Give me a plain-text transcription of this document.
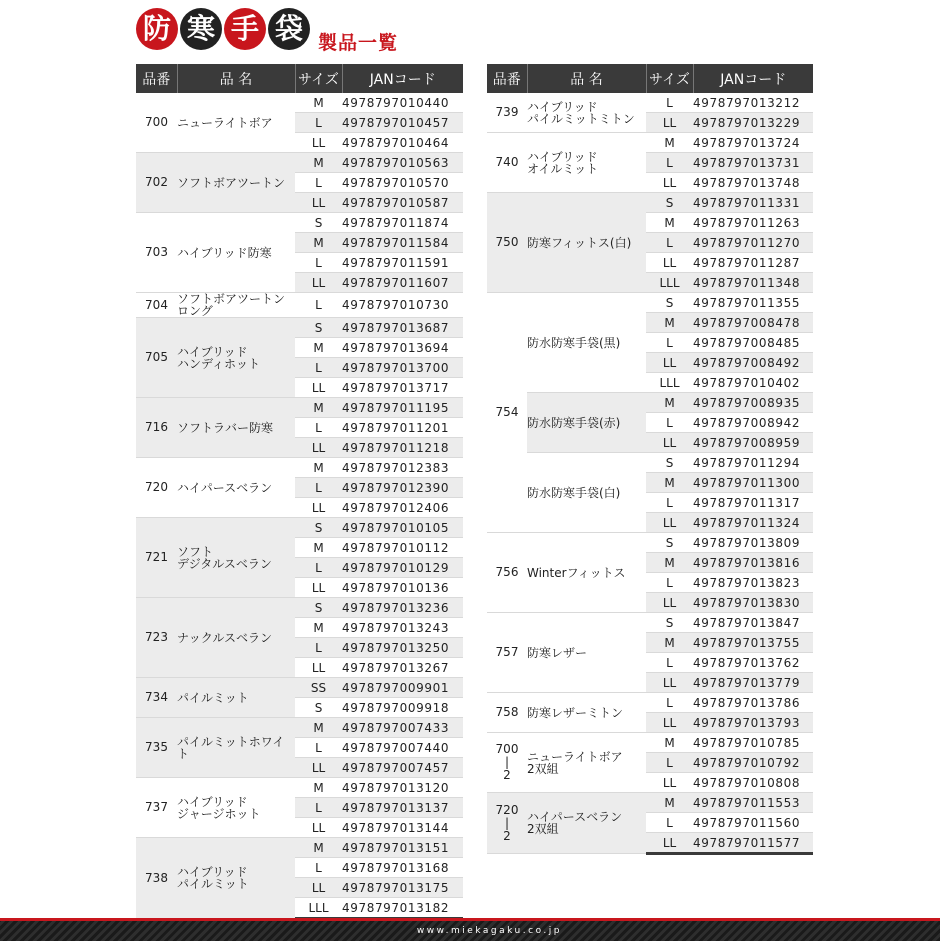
防 寒 手 袋 製品一覧
品番	品 名	サイズ	JANコード
700	ニューライトボア	M	4978797010440
		L	4978797010457
		LL	4978797010464
702	ソフトボアツートン	M	4978797010563
		L	4978797010570
		LL	4978797010587
703	ハイブリッド防寒	S	4978797011874
		M	4978797011584
		L	4978797011591
		LL	4978797011607
704	ソフトボアツートンロング	L	4978797010730
705	ハイブリッド
ハンディホット	S	4978797013687
		M	4978797013694
		L	4978797013700
		LL	4978797013717
716	ソフトラバー防寒	M	4978797011195
		L	4978797011201
		LL	4978797011218
720	ハイパースベラン	M	4978797012383
		L	4978797012390
		LL	4978797012406
721	ソフト
デジタルスベラン	S	4978797010105
		M	4978797010112
		L	4978797010129
		LL	4978797010136
723	ナックルスベラン	S	4978797013236
		M	4978797013243
		L	4978797013250
		LL	4978797013267
734	パイルミット	SS	4978797009901
		S	4978797009918
735	パイルミットホワイト	M	4978797007433
		L	4978797007440
		LL	4978797007457
737	ハイブリッド
ジャージホット	M	4978797013120
		L	4978797013137
		LL	4978797013144
738	ハイブリッド
パイルミット	M	4978797013151
		L	4978797013168
		LL	4978797013175
		LLL	4978797013182
品番	品 名	サイズ	JANコード
739	ハイブリッド
パイルミットミトン	L	4978797013212
		LL	4978797013229
740	ハイブリッド
オイルミット	M	4978797013724
		L	4978797013731
		LL	4978797013748
750	防寒フィットス(白)	S	4978797011331
		M	4978797011263
		L	4978797011270
		LL	4978797011287
		LLL	4978797011348
754	防水防寒手袋(黒)	S	4978797011355
		M	4978797008478
		L	4978797008485
		LL	4978797008492
		LLL	4978797010402
	防水防寒手袋(赤)	M	4978797008935
		L	4978797008942
		LL	4978797008959
	防水防寒手袋(白)	S	4978797011294
		M	4978797011300
		L	4978797011317
		LL	4978797011324
756	Winterフィットス	S	4978797013809
		M	4978797013816
		L	4978797013823
		LL	4978797013830
757	防寒レザー	S	4978797013847
		M	4978797013755
		L	4978797013762
		LL	4978797013779
758	防寒レザーミトン	L	4978797013786
		LL	4978797013793
700
|
2	ニューライトボア
2双組	M	4978797010785
		L	4978797010792
		LL	4978797010808
720
|
2	ハイパースベラン
2双組	M	4978797011553
		L	4978797011560
		LL	4978797011577
www.miekagaku.co.jp
